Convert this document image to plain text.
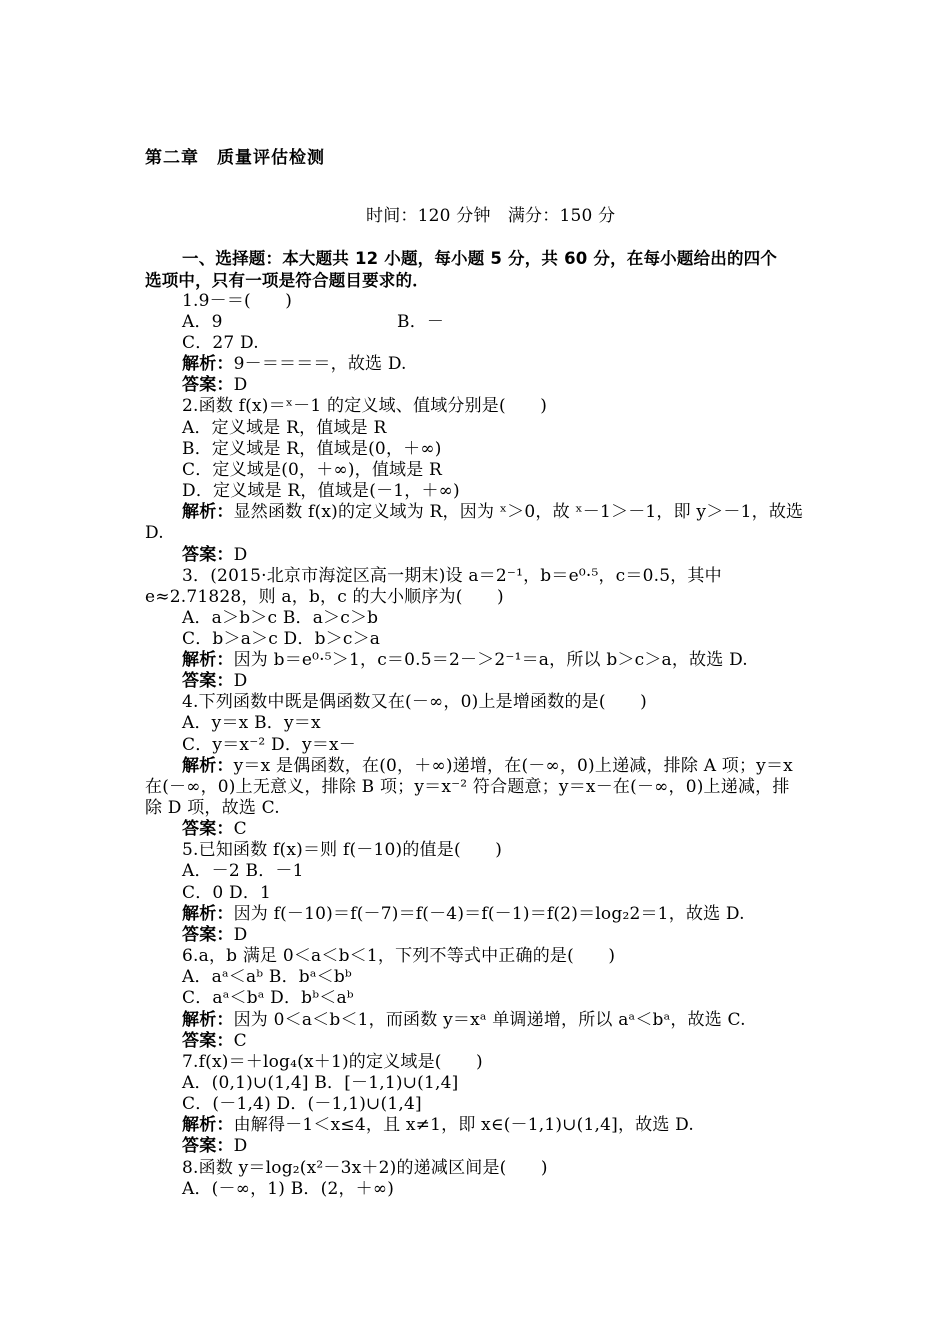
第二章　质量评估检测
时间：120 分钟　满分：150 分
一、选择题：本大题共 12 小题，每小题 5 分，共 60 分，在每小题给出的四个
选项中，只有一项是符合题目要求的．
1.9－＝(　　)
A．9	B．－
C．27 D.
解析：9－＝＝＝＝，故选 D.
答案：D
2.函数 f(x)＝ˣ－1 的定义域、值域分别是(　　)
A．定义域是 R，值域是 R
B．定义域是 R，值域是(0，＋∞)
C．定义域是(0，＋∞)，值域是 R
D．定义域是 R，值域是(－1，＋∞)
解析：显然函数 f(x)的定义域为 R，因为 ˣ＞0，故 ˣ－1＞－1，即 y＞－1，故选
D.
答案：D
3．(2015·北京市海淀区高一期末)设 a＝2⁻¹，b＝e⁰·⁵，c＝0.5，其中
e≈2.71828，则 a，b，c 的大小顺序为(　　)
A．a＞b＞c B．a＞c＞b
C．b＞a＞c D．b＞c＞a
解析：因为 b＝e⁰·⁵＞1，c＝0.5＝2－＞2⁻¹＝a，所以 b＞c＞a，故选 D.
答案：D
4.下列函数中既是偶函数又在(－∞，0)上是增函数的是(　　)
A．y＝x B．y＝x
C．y＝x⁻² D．y＝x－
解析：y＝x 是偶函数，在(0，＋∞)递增，在(－∞，0)上递减，排除 A 项；y＝x
在(－∞，0)上无意义，排除 B 项；y＝x⁻² 符合题意；y＝x－在(－∞，0)上递减，排
除 D 项，故选 C.
答案：C
5.已知函数 f(x)＝则 f(－10)的值是(　　)
A．－2 B．－1
C．0 D．1
解析：因为 f(－10)＝f(－7)＝f(－4)＝f(－1)＝f(2)＝log₂2＝1，故选 D.
答案：D
6.a，b 满足 0＜a＜b＜1，下列不等式中正确的是(　　)
A．aᵃ＜aᵇ B．bᵃ＜bᵇ
C．aᵃ＜bᵃ D．bᵇ＜aᵇ
解析：因为 0＜a＜b＜1，而函数 y＝xᵃ 单调递增，所以 aᵃ＜bᵃ，故选 C.
答案：C
7.f(x)＝＋log₄(x＋1)的定义域是(　　)
A．(0,1)∪(1,4] B．[－1,1)∪(1,4]
C．(－1,4) D．(－1,1)∪(1,4]
解析：由解得－1＜x≤4，且 x≠1，即 x∈(－1,1)∪(1,4]，故选 D.
答案：D
8.函数 y＝log₂(x²－3x＋2)的递减区间是(　　)
A．(－∞，1) B．(2，＋∞)
